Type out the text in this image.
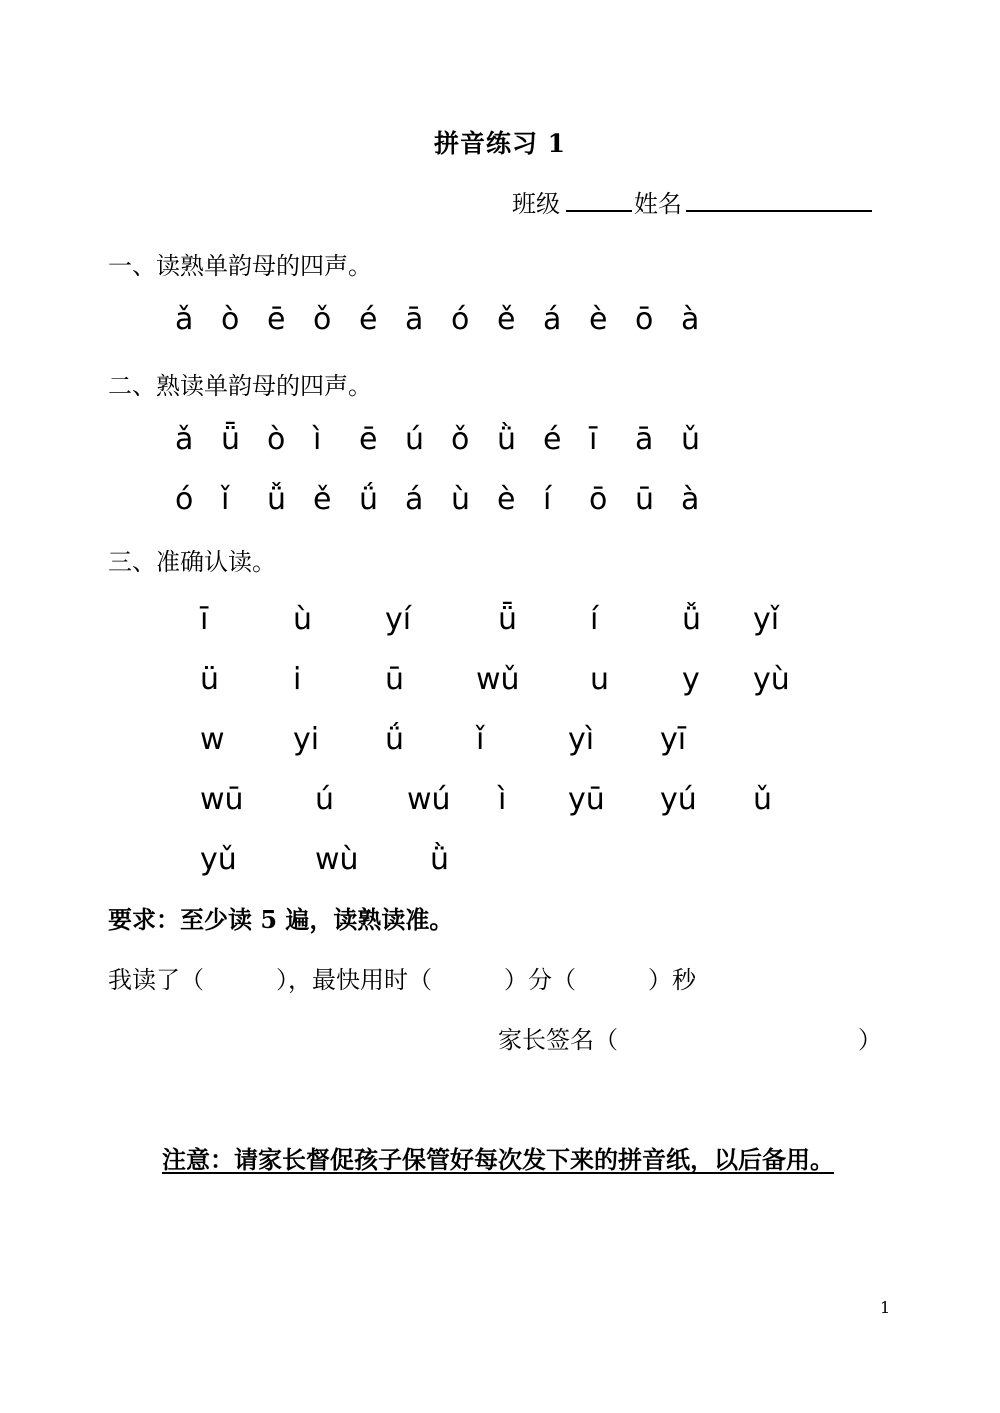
拼音练习 1
班级	姓名
一、读熟单韵母的四声。
ǎ ò ē ǒ é ā ó ě á è ō à
二、熟读单韵母的四声。
ǎ ǖ ò ì ē ú ǒ ǜ é ī ā ǔ
ó ǐ ǚ ě ǘ á ù è í ō ū à
三、准确认读。
ī	ù yí	ǖ í	ǚ yǐ
ü i	ū wǔ u y yù
w yi ǘ ǐ	yì yī
wū ú wú ì yū yú ǔ
yǔ	wù ǜ
要求：至少读 5 遍，读熟读准。
我读了（　　　），最快用时（　　　）分（　　　）秒
家长签名（　　　　　　　　　　）
注意：请家长督促孩子保管好每次发下来的拼音纸，以后备用。
1
